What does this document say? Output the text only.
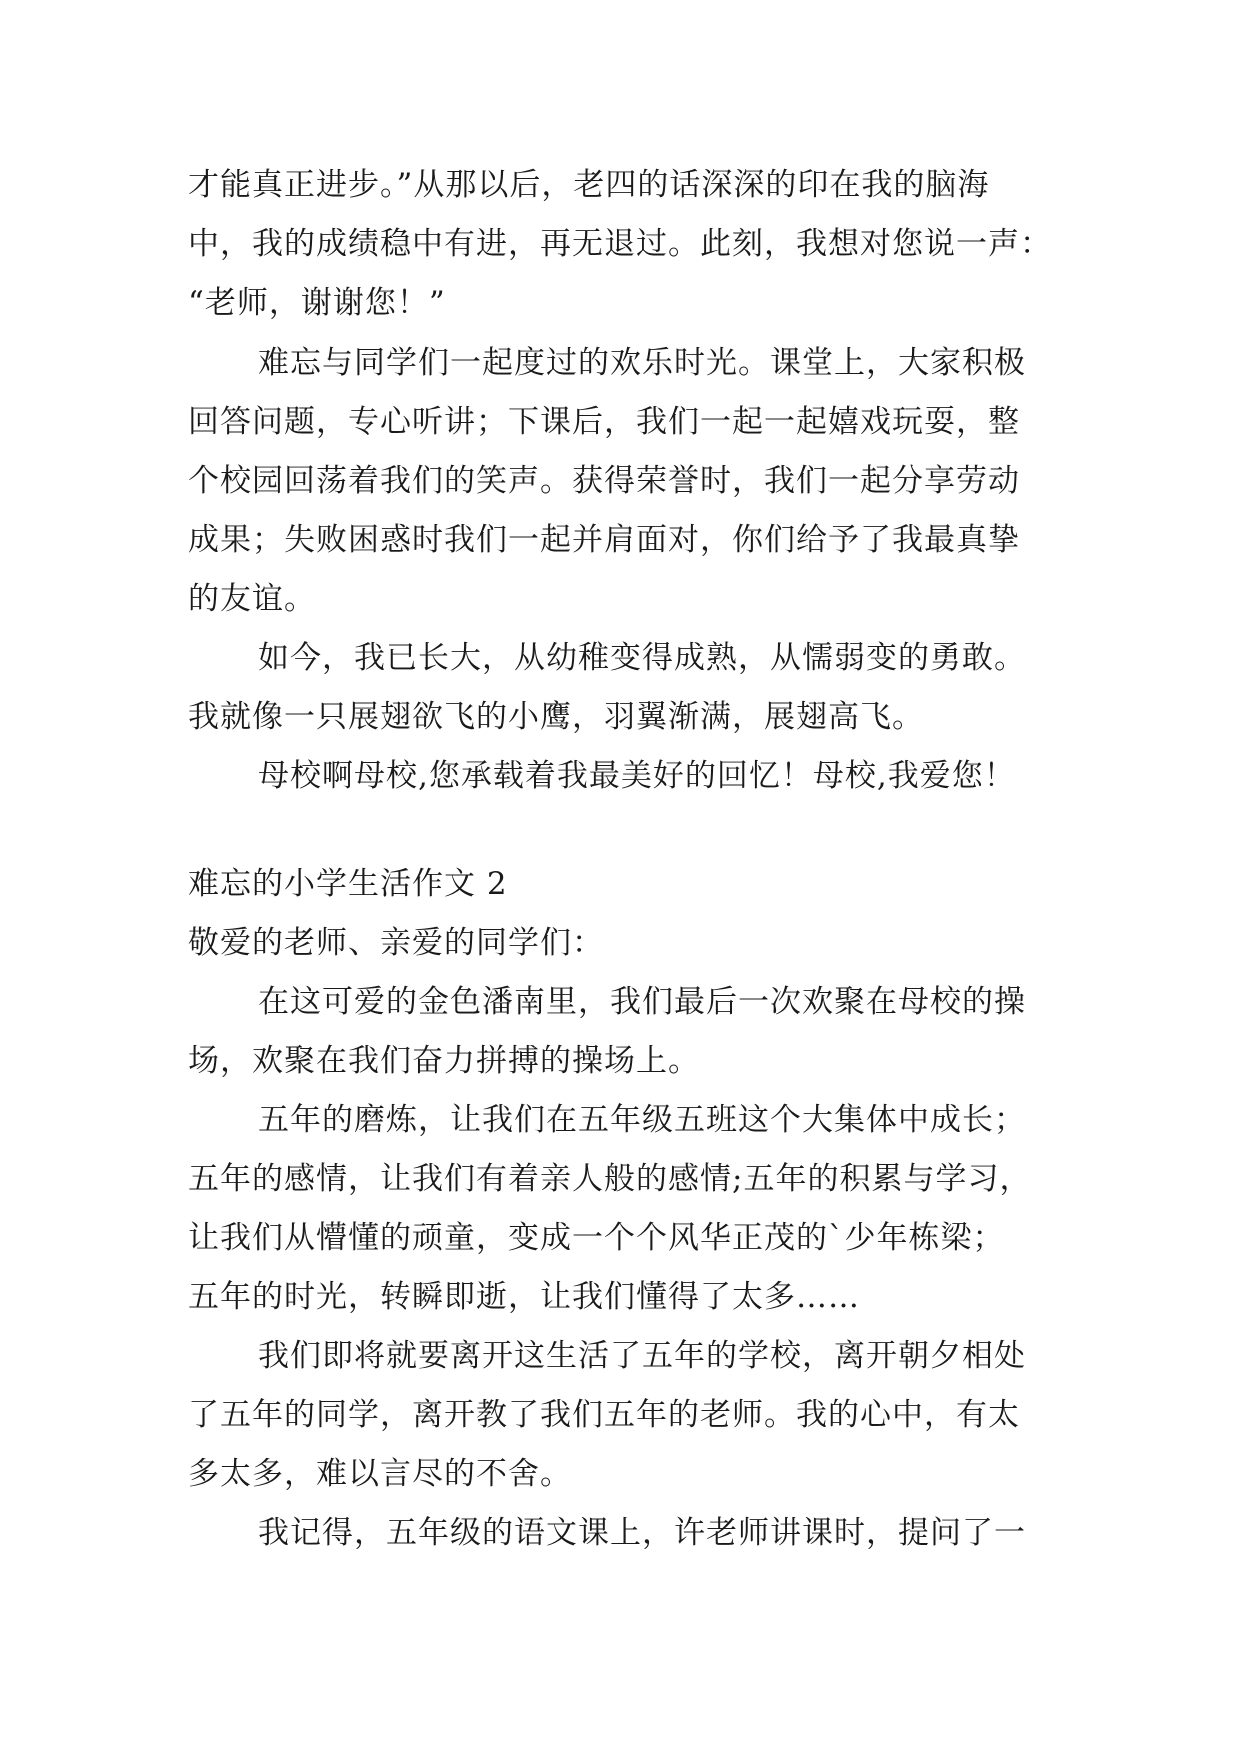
才能真正进步。”从那以后，老四的话深深的印在我的脑海
中，我的成绩稳中有进，再无退过。此刻，我想对您说一声：
“老师，谢谢您！”
难忘与同学们一起度过的欢乐时光。课堂上，大家积极
回答问题，专心听讲；下课后，我们一起一起嬉戏玩耍，整
个校园回荡着我们的笑声。获得荣誉时，我们一起分享劳动
成果；失败困惑时我们一起并肩面对，你们给予了我最真挚
的友谊。
如今，我已长大，从幼稚变得成熟，从懦弱变的勇敢。
我就像一只展翅欲飞的小鹰，羽翼渐满，展翅高飞。
母校啊母校,您承载着我最美好的回忆！母校,我爱您！
难忘的小学生活作文 2
敬爱的老师、亲爱的同学们：
在这可爱的金色潘南里，我们最后一次欢聚在母校的操
场，欢聚在我们奋力拼搏的操场上。
五年的磨炼，让我们在五年级五班这个大集体中成长；
五年的感情，让我们有着亲人般的感情;五年的积累与学习，
让我们从懵懂的顽童，变成一个个风华正茂的`少年栋梁；
五年的时光，转瞬即逝，让我们懂得了太多……
我们即将就要离开这生活了五年的学校，离开朝夕相处
了五年的同学，离开教了我们五年的老师。我的心中，有太
多太多，难以言尽的不舍。
我记得，五年级的语文课上，许老师讲课时，提问了一
